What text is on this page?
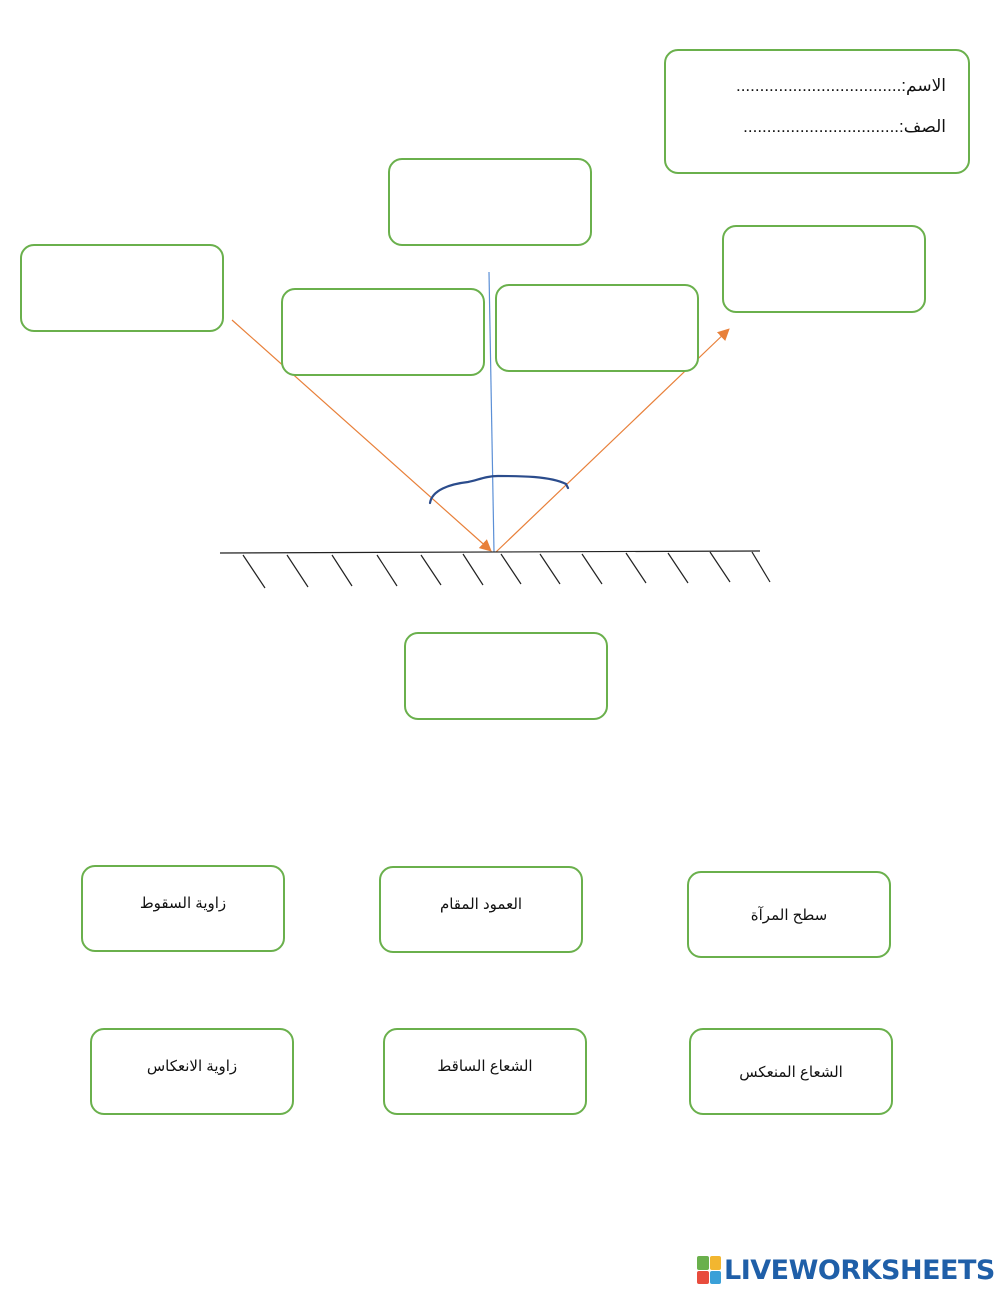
الاسم:...................................
الصف:.................................
زاوية السقوط	العمود المقام
سطح المرآة
زاوية الانعكاس	الشعاع الساقط	الشعاع المنعكس
LIVEWORKSHEETS
